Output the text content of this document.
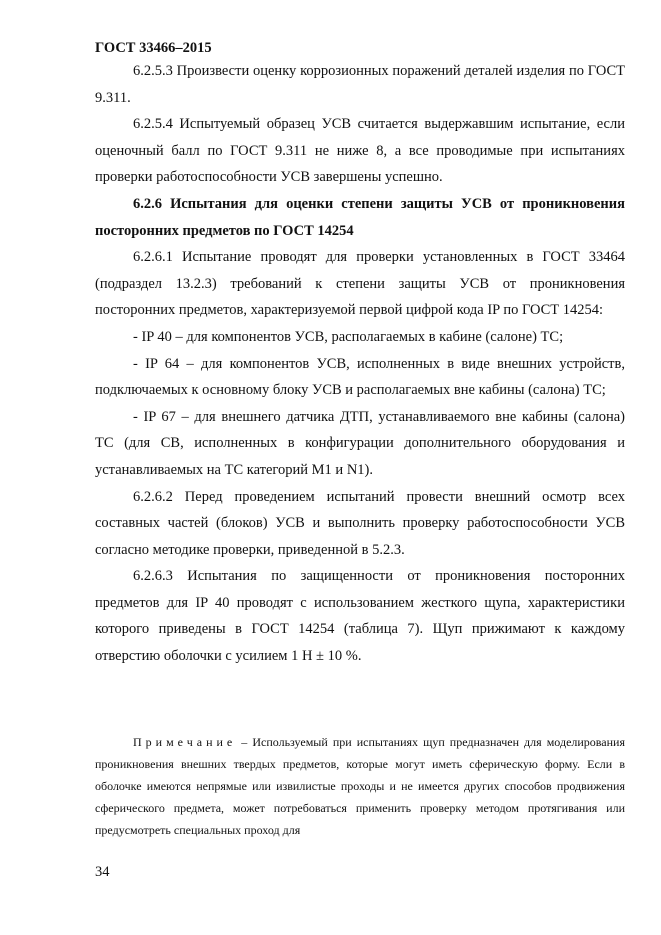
ГОСТ 33466–2015

6.2.5.3 Произвести оценку коррозионных поражений деталей изделия по ГОСТ 9.311.

6.2.5.4 Испытуемый образец УСВ считается выдержавшим испытание, если оценочный балл по ГОСТ 9.311 не ниже 8, а все проводимые при испытаниях проверки работоспособности УСВ завершены успешно.

6.2.6 Испытания для оценки степени защиты УСВ от проникновения посторонних предметов по ГОСТ 14254

6.2.6.1 Испытание проводят для проверки установленных в ГОСТ 33464 (подраздел 13.2.3) требований к степени защиты УСВ от проникновения посторонних предметов, характеризуемой первой цифрой кода IP по ГОСТ 14254:

- IP 40 – для компонентов УСВ, располагаемых в кабине (салоне) ТС;

- IP 64 – для компонентов УСВ, исполненных в виде внешних устройств, подключаемых к основному блоку УСВ и располагаемых вне кабины (салона) ТС;

- IP 67 – для внешнего датчика ДТП, устанавливаемого вне кабины (салона) ТС (для СВ, исполненных в конфигурации дополнительного оборудования и устанавливаемых на ТС категорий М1 и N1).

6.2.6.2 Перед проведением испытаний провести внешний осмотр всех составных частей (блоков) УСВ и выполнить проверку работоспособности УСВ согласно методике проверки, приведенной в 5.2.3.

6.2.6.3 Испытания по защищенности от проникновения посторонних предметов для IP 40 проводят с использованием жесткого щупа, характеристики которого приведены в ГОСТ 14254 (таблица 7). Щуп прижимают к каждому отверстию оболочки с усилием 1 Н ± 10 %.

Примечание – Используемый при испытаниях щуп предназначен для моделирования проникновения внешних твердых предметов, которые могут иметь сферическую форму. Если в оболочке имеются непрямые или извилистые проходы и не имеется других способов продвижения сферического предмета, может потребоваться применить проверку методом протягивания или предусмотреть специальных проход для

34
